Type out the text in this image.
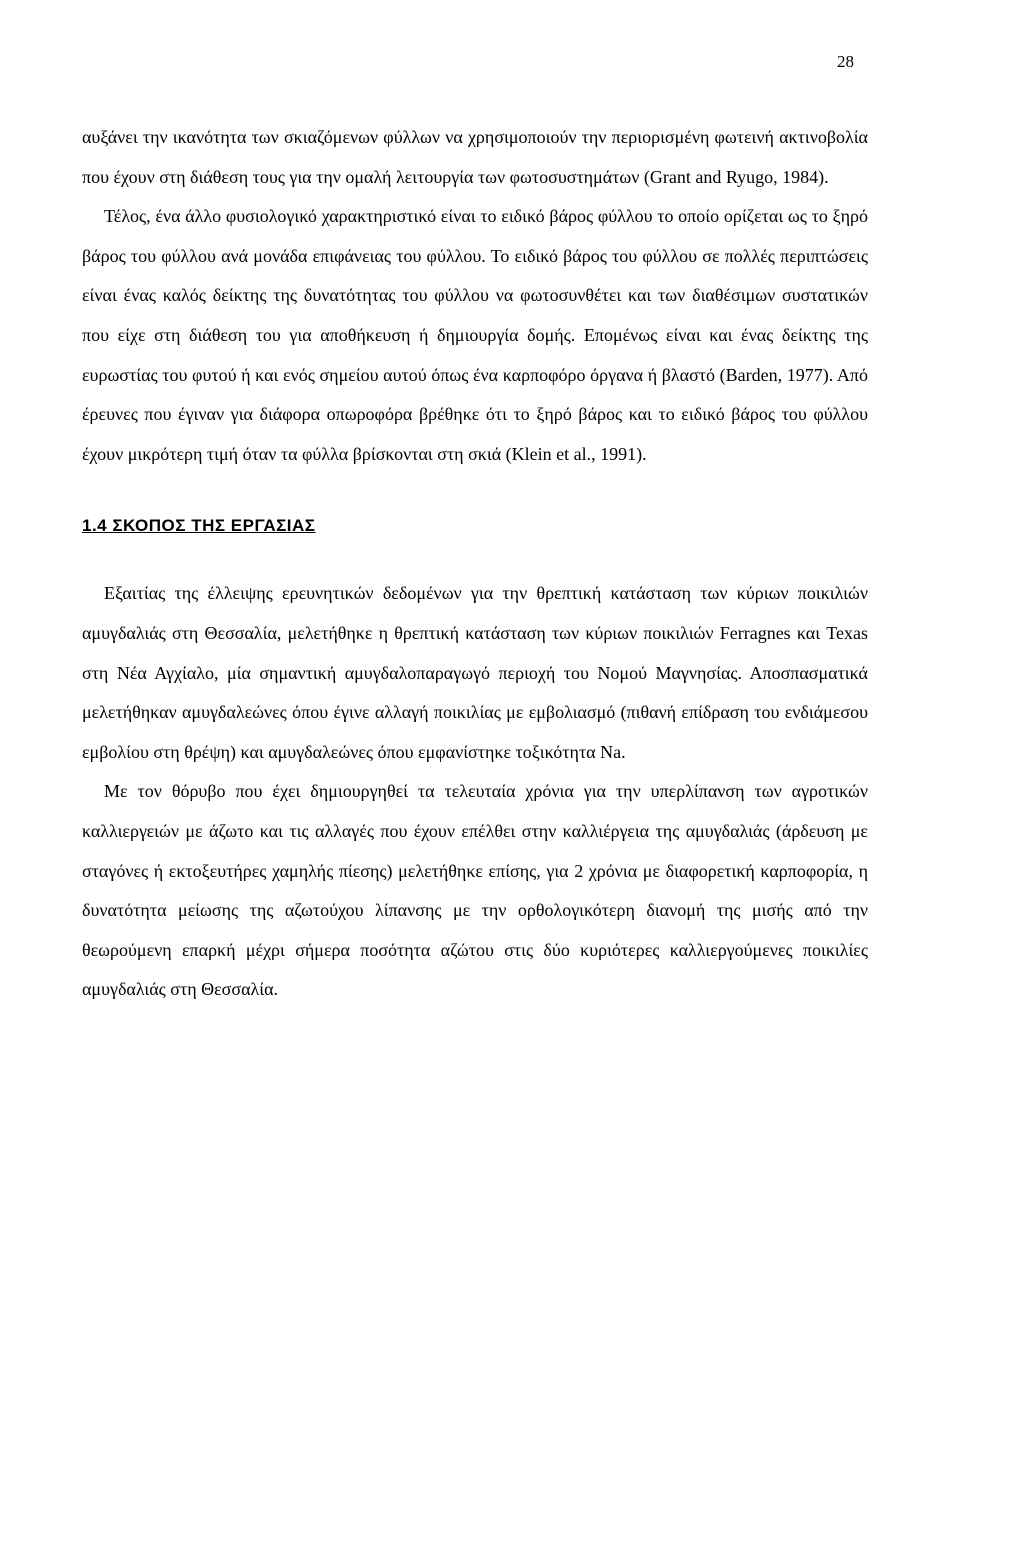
28

αυξάνει την ικανότητα των σκιαζόμενων φύλλων να χρησιμοποιούν την περιορισμένη φωτεινή ακτινοβολία που έχουν στη διάθεση τους για την ομαλή λειτουργία των φωτοσυστημάτων (Grant and Ryugo, 1984).

Τέλος, ένα άλλο φυσιολογικό χαρακτηριστικό είναι το ειδικό βάρος φύλλου το οποίο ορίζεται ως το ξηρό βάρος του φύλλου ανά μονάδα επιφάνειας του φύλλου. Το ειδικό βάρος του φύλλου σε πολλές περιπτώσεις είναι ένας καλός δείκτης της δυνατότητας του φύλλου να φωτοσυνθέτει και των διαθέσιμων συστατικών που είχε στη διάθεση του για αποθήκευση ή δημιουργία δομής. Επομένως είναι και ένας δείκτης της ευρωστίας του φυτού ή και ενός σημείου αυτού όπως ένα καρποφόρο όργανα ή βλαστό (Barden, 1977). Από έρευνες που έγιναν για διάφορα οπωροφόρα βρέθηκε ότι το ξηρό βάρος και το ειδικό βάρος του φύλλου έχουν μικρότερη τιμή όταν τα φύλλα βρίσκονται στη σκιά (Klein et al., 1991).

1.4 ΣΚΟΠΟΣ ΤΗΣ ΕΡΓΑΣΙΑΣ

Εξαιτίας της έλλειψης ερευνητικών δεδομένων για την θρεπτική κατάσταση των κύριων ποικιλιών αμυγδαλιάς στη Θεσσαλία, μελετήθηκε η θρεπτική κατάσταση των κύριων ποικιλιών Ferragnes και Texas στη Νέα Αγχίαλο, μία σημαντική αμυγδαλοπαραγωγό περιοχή του Νομού Μαγνησίας. Αποσπασματικά μελετήθηκαν αμυγδαλεώνες όπου έγινε αλλαγή ποικιλίας με εμβολιασμό (πιθανή επίδραση του ενδιάμεσου εμβολίου στη θρέψη) και αμυγδαλεώνες όπου εμφανίστηκε τοξικότητα Na.

Με τον θόρυβο που έχει δημιουργηθεί τα τελευταία χρόνια για την υπερλίπανση των αγροτικών καλλιεργειών με άζωτο και τις αλλαγές που έχουν επέλθει στην καλλιέργεια της αμυγδαλιάς (άρδευση με σταγόνες ή εκτοξευτήρες χαμηλής πίεσης) μελετήθηκε επίσης, για 2 χρόνια με διαφορετική καρποφορία, η δυνατότητα μείωσης της αζωτούχου λίπανσης με την ορθολογικότερη διανομή της μισής από την θεωρούμενη επαρκή μέχρι σήμερα ποσότητα αζώτου στις δύο κυριότερες καλλιεργούμενες ποικιλίες αμυγδαλιάς στη Θεσσαλία.
